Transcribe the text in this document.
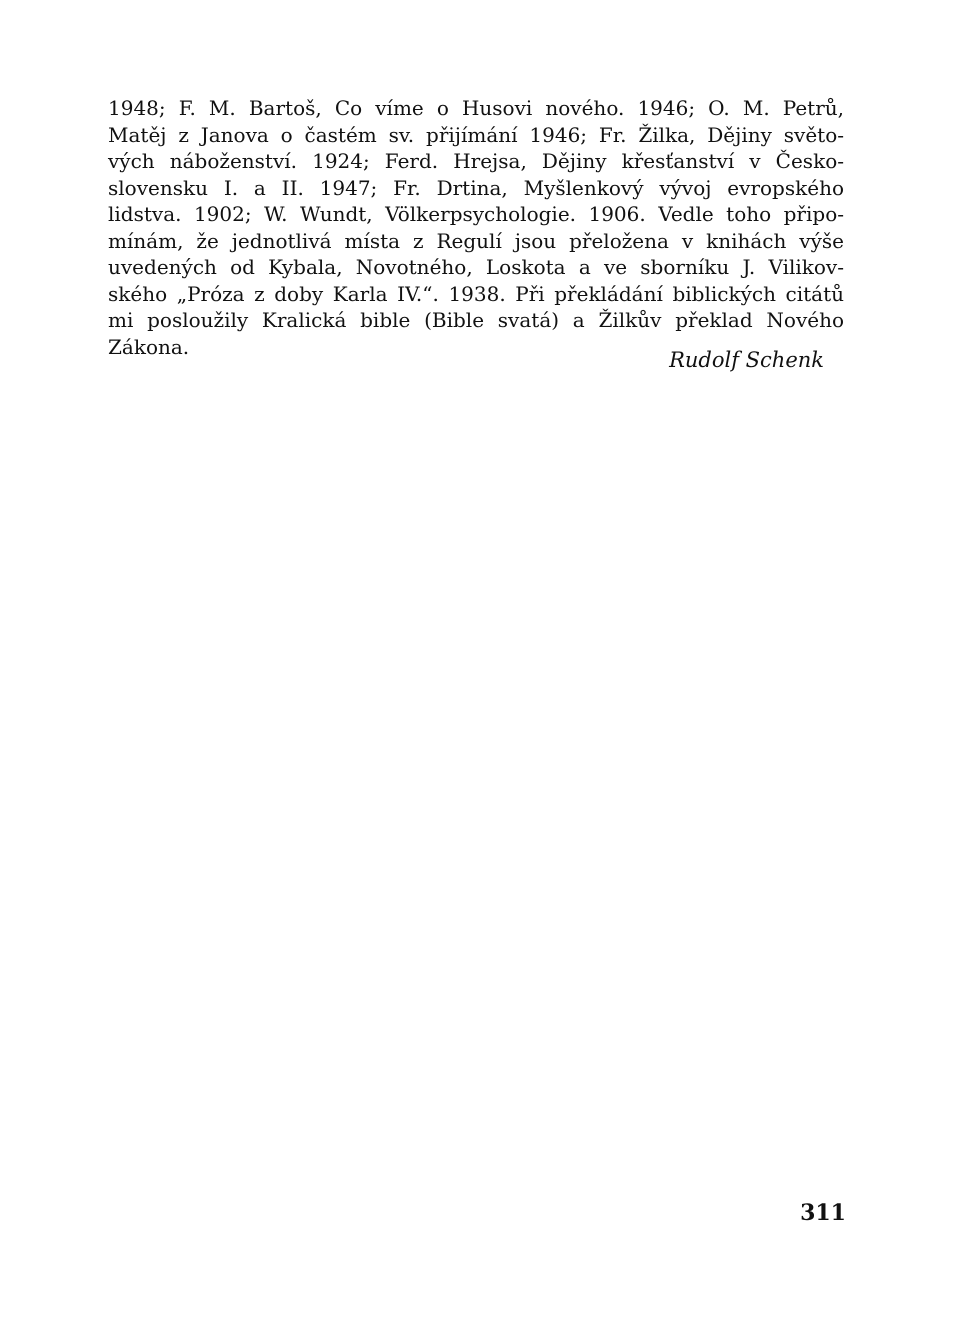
1948; F. M. Bartoš, Co víme o Husovi nového. 1946; O. M. Petrů,
Matěj z Janova o častém sv. přijímání 1946; Fr. Žilka, Dějiny světo-
vých náboženství. 1924; Ferd. Hrejsa, Dějiny křesťanství v Česko-
slovensku I. a II. 1947; Fr. Drtina, Myšlenkový vývoj evropského
lidstva. 1902; W. Wundt, Völkerpsychologie. 1906. Vedle toho připo-
mínám, že jednotlivá místa z Regulí jsou přeložena v knihách výše
uvedených od Kybala, Novotného, Loskota a ve sborníku J. Vilikov-
ského „Próza z doby Karla IV.“. 1938. Při překládání biblických citátů
mi posloužily Kralická bible (Bible svatá) a Žilkův překlad Nového
Zákona.
Rudolf Schenk
311
